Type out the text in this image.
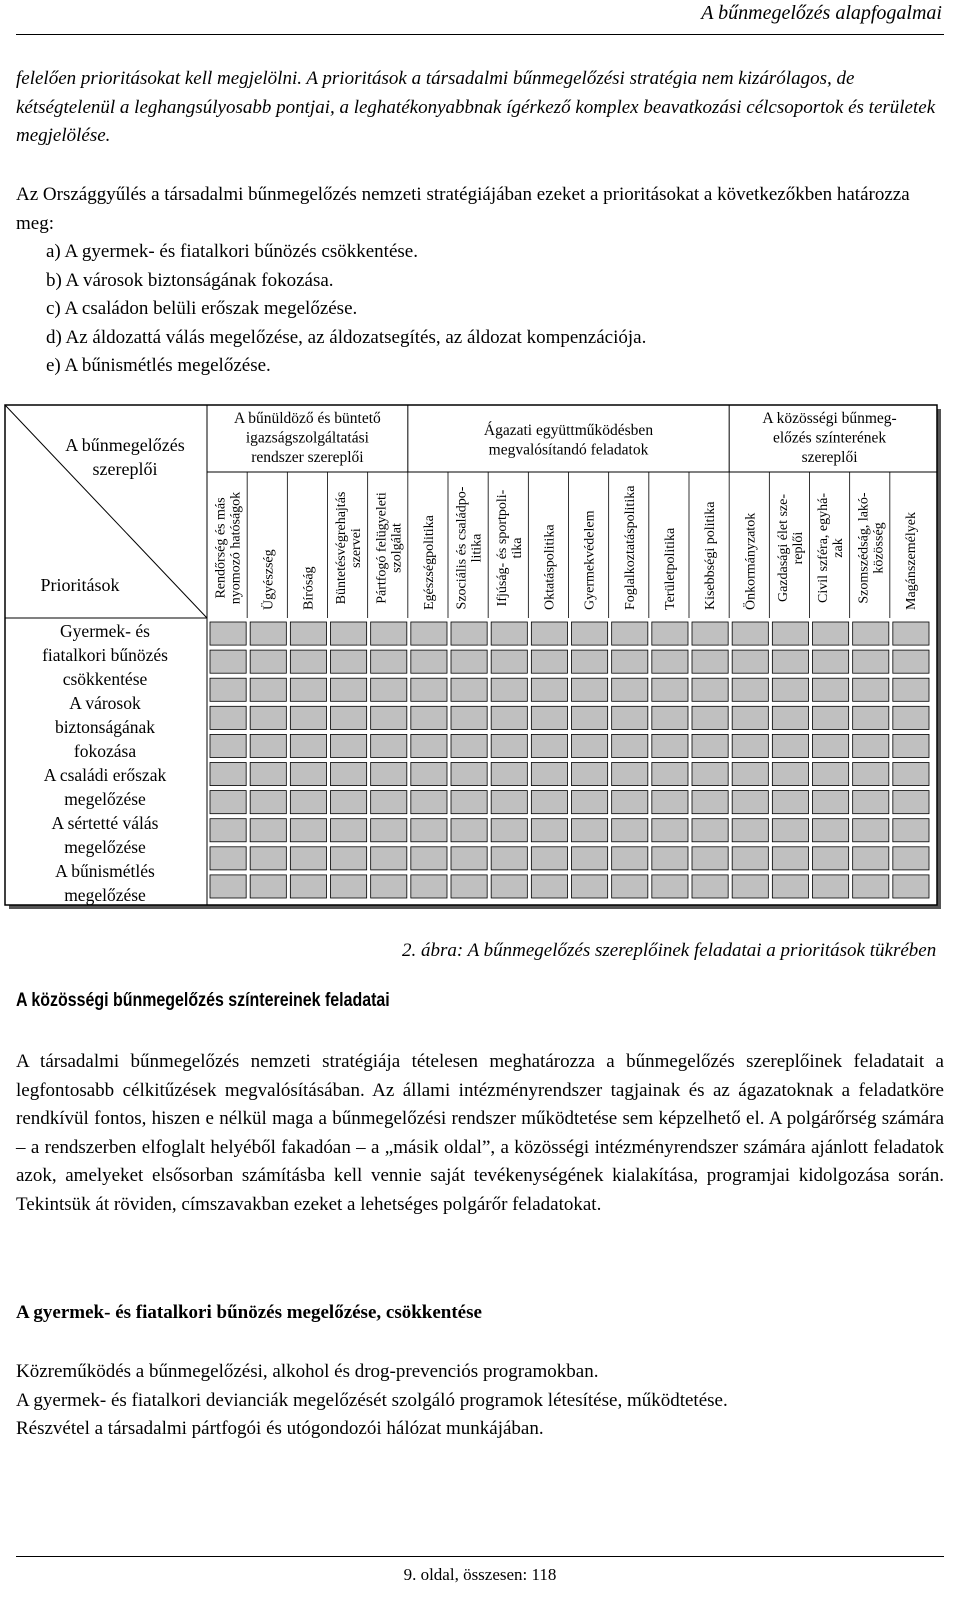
A bűnmegelőzés alapfogalmai

felelően prioritásokat kell megjelölni. A prioritások a társadalmi bűnmegelőzési stratégia nem kizárólagos, de kétségtelenül a leghangsúlyosabb pontjai, a leghatékonyabbnak ígérkező komplex beavatkozási célcsoportok és területek megjelölése.

Az Országgyűlés a társadalmi bűnmegelőzés nemzeti stratégiájában ezeket a prioritásokat a következőkben határozza meg:

a) A gyermek- és fiatalkori bűnözés csökkentése.
b) A városok biztonságának fokozása.
c) A családon belüli erőszak megelőzése.
d) Az áldozattá válás megelőzése, az áldozatsegítés, az áldozat kompenzációja.
e) A bűnismétlés megelőzése.
A bűnmegelőzés
szereplői
Prioritások
A bűnüldöző és büntető
igazságszolgáltatási
rendszer szereplői
Ágazati együttműködésben
megvalósítandó feladatok
A közösségi bűnmeg-
előzés színterének
szereplői
Rendőrség és más nyomozó hatóságok Ügyészség Bíróság Büntetésvégrehajtás szervei Pártfogó felügyeleti szolgálat Egészségpolitika Szociális és családpo- litika Ifjúság- és sportpoli- tika Oktatáspolitika Gyermekvédelem Foglalkoztatáspolitika Területpolitika Kisebbségi politika Önkormányzatok Gazdasági élet sze- replői Civil szféra, egyhá- zak Szomszédság, lakó- közösség Magánszemélyek
Gyermek- és
fiatalkori bűnözés
csökkentése
A városok
biztonságának
fokozása
A családi erőszak
megelőzése
A sértetté válás
megelőzése
A bűnismétlés
megelőzése
2. ábra: A bűnmegelőzés szereplőinek feladatai a prioritások tükrében
A közösségi bűnmegelőzés színtereinek feladatai

A társadalmi bűnmegelőzés nemzeti stratégiája tételesen meghatározza a bűnmegelőzés szereplőinek feladatait a legfontosabb célkitűzések megvalósításában. Az állami intézményrendszer tagjainak és az ágazatoknak a feladatköre rendkívül fontos, hiszen e nélkül maga a bűnmegelőzési rendszer működtetése sem képzelhető el. A polgárőrség számára – a rendszerben elfoglalt helyéből fakadóan – a „másik oldal”, a közösségi intézményrendszer számára ajánlott feladatok azok, amelyeket elsősorban számításba kell vennie saját tevékenységének kialakítása, programjai kidolgozása során. Tekintsük át röviden, címszavakban ezeket a lehetséges polgárőr feladatokat.

A gyermek- és fiatalkori bűnözés megelőzése, csökkentése

Közreműködés a bűnmegelőzési, alkohol és drog-prevenciós programokban.
A gyermek- és fiatalkori devianciák megelőzését szolgáló programok létesítése, működtetése.
Részvétel a társadalmi pártfogói és utógondozói hálózat munkájában.

9. oldal, összesen: 118
